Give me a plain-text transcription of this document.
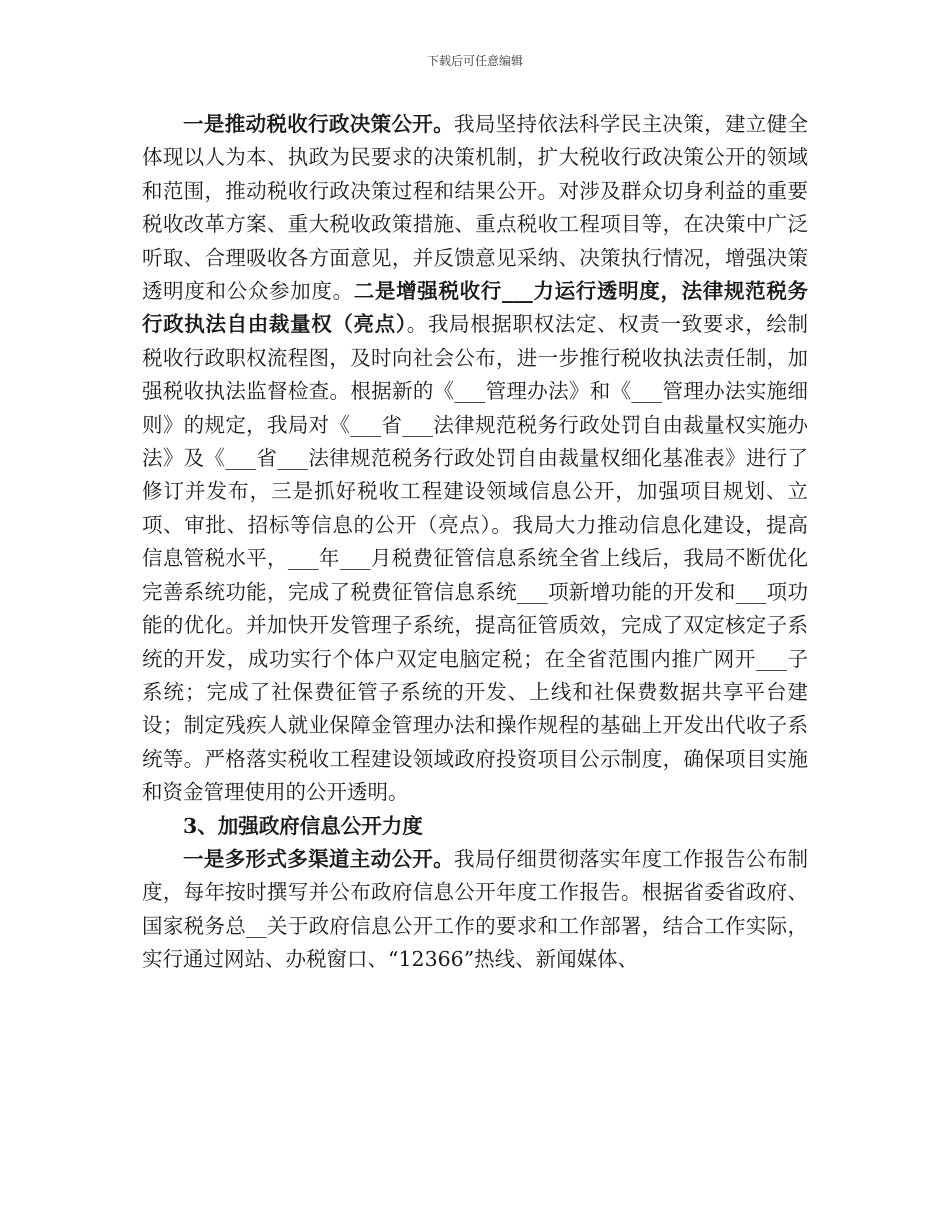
下载后可任意编辑

一是推动税收行政决策公开。我局坚持依法科学民主决策，建立健全体现以人为本、执政为民要求的决策机制，扩大税收行政决策公开的领域和范围，推动税收行政决策过程和结果公开。对涉及群众切身利益的重要税收改革方案、重大税收政策措施、重点税收工程项目等，在决策中广泛听取、合理吸收各方面意见，并反馈意见采纳、决策执行情况，增强决策透明度和公众参加度。二是增强税收行___力运行透明度，法律规范税务行政执法自由裁量权（亮点）。我局根据职权法定、权责一致要求，绘制税收行政职权流程图，及时向社会公布，进一步推行税收执法责任制，加强税收执法监督检查。根据新的《___管理办法》和《___管理办法实施细则》的规定，我局对《___省___法律规范税务行政处罚自由裁量权实施办法》及《___省___法律规范税务行政处罚自由裁量权细化基准表》进行了修订并发布，三是抓好税收工程建设领域信息公开，加强项目规划、立项、审批、招标等信息的公开（亮点）。我局大力推动信息化建设，提高信息管税水平，___年___月税费征管信息系统全省上线后，我局不断优化完善系统功能，完成了税费征管信息系统___项新增功能的开发和___项功能的优化。并加快开发管理子系统，提高征管质效，完成了双定核定子系统的开发，成功实行个体户双定电脑定税；在全省范围内推广网开___子系统；完成了社保费征管子系统的开发、上线和社保费数据共享平台建设；制定残疾人就业保障金管理办法和操作规程的基础上开发出代收子系统等。严格落实税收工程建设领域政府投资项目公示制度，确保项目实施和资金管理使用的公开透明。

3、加强政府信息公开力度

一是多形式多渠道主动公开。我局仔细贯彻落实年度工作报告公布制度，每年按时撰写并公布政府信息公开年度工作报告。根据省委省政府、国家税务总__关于政府信息公开工作的要求和工作部署，结合工作实际，实行通过网站、办税窗口、“12366”热线、新闻媒体、
